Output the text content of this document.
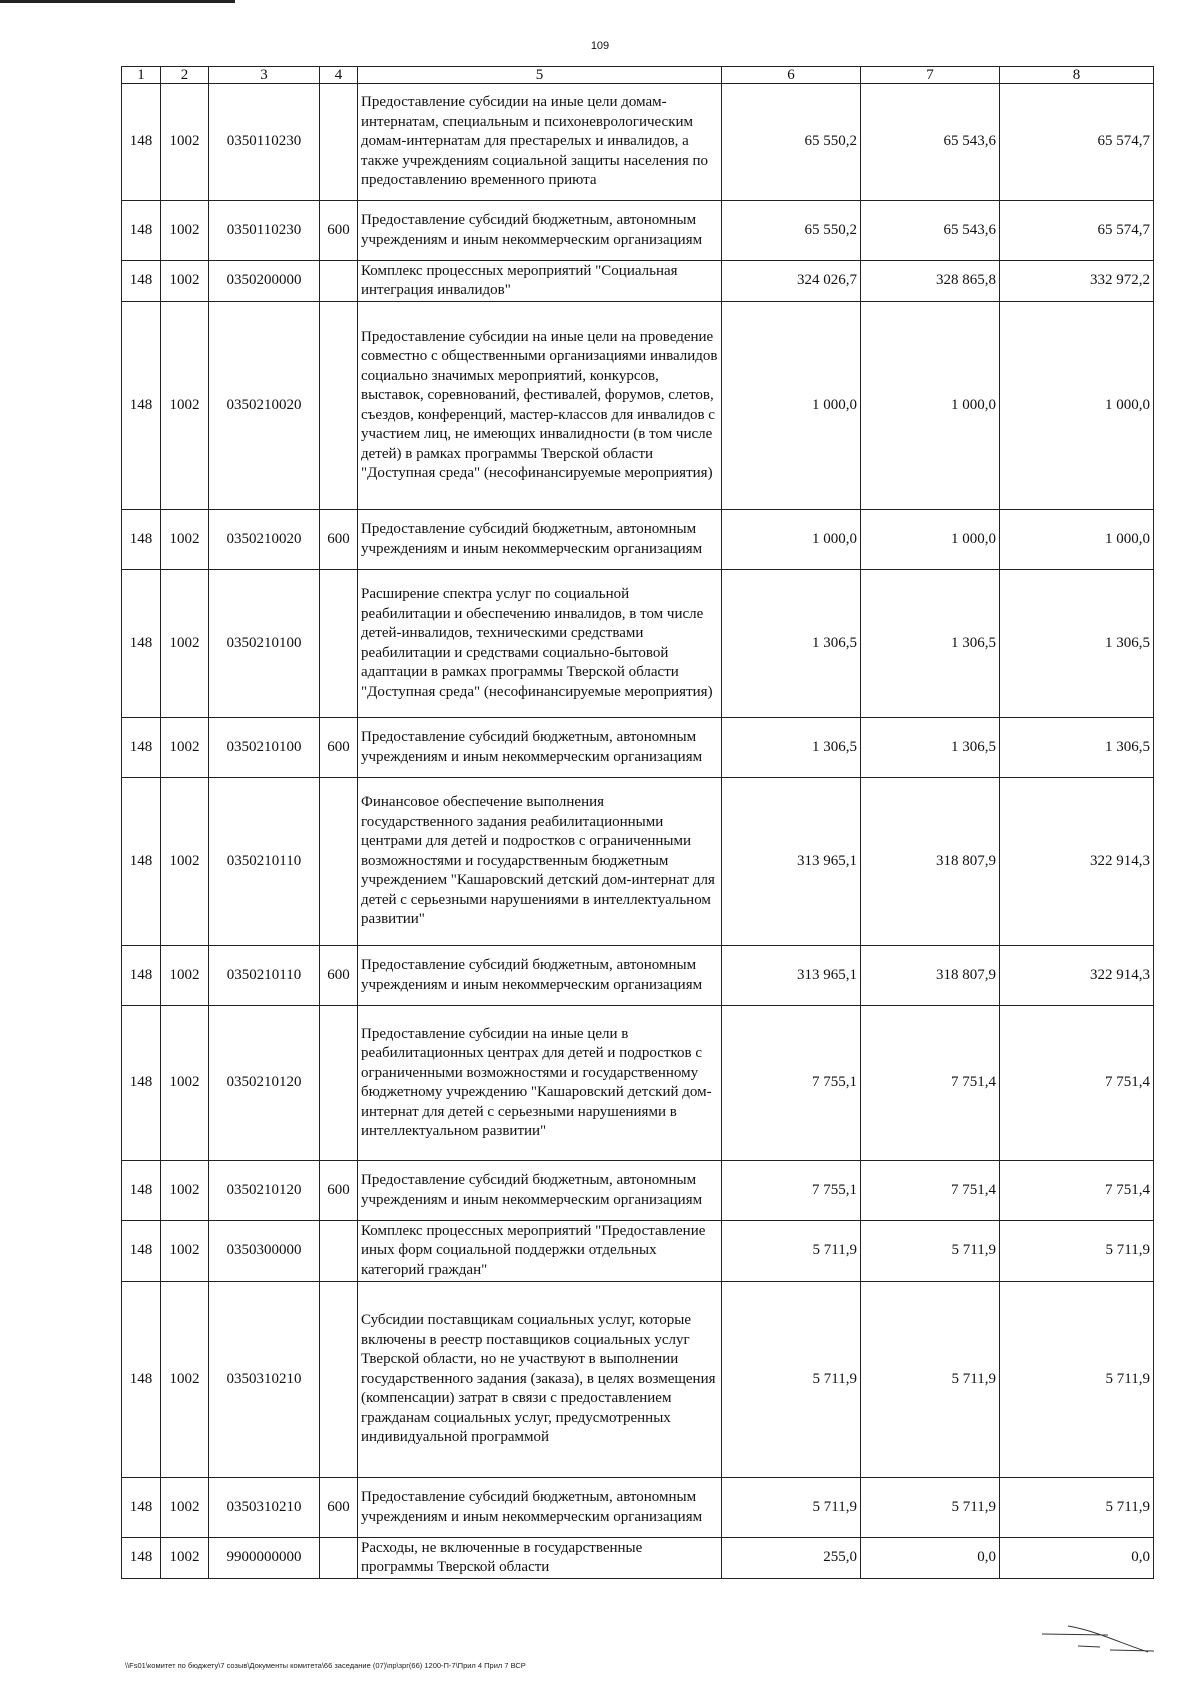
109
1	2	3	4	5	6	7	8
148	1002	0350110230		Предоставление субсидии на иные цели домам-интернатам, специальным и психоневрологическим домам-интернатам для престарелых и инвалидов, а также учреждениям социальной защиты населения по предоставлению временного приюта	65 550,2	65 543,6	65 574,7
148	1002	0350110230	600	Предоставление субсидий бюджетным, автономным учреждениям и иным некоммерческим организациям	65 550,2	65 543,6	65 574,7
148	1002	0350200000		Комплекс процессных мероприятий "Социальная интеграция инвалидов"	324 026,7	328 865,8	332 972,2
148	1002	0350210020		Предоставление субсидии на иные цели на проведение совместно с общественными организациями инвалидов социально значимых мероприятий, конкурсов, выставок, соревнований, фестивалей, форумов, слетов, съездов, конференций, мастер-классов для инвалидов с участием лиц, не имеющих инвалидности (в том числе детей) в рамках программы Тверской области "Доступная среда" (несофинансируемые мероприятия)	1 000,0	1 000,0	1 000,0
148	1002	0350210020	600	Предоставление субсидий бюджетным, автономным учреждениям и иным некоммерческим организациям	1 000,0	1 000,0	1 000,0
148	1002	0350210100		Расширение спектра услуг по социальной реабилитации и обеспечению инвалидов, в том числе детей-инвалидов, техническими средствами реабилитации и средствами социально-бытовой адаптации в рамках программы Тверской области "Доступная среда" (несофинансируемые мероприятия)	1 306,5	1 306,5	1 306,5
148	1002	0350210100	600	Предоставление субсидий бюджетным, автономным учреждениям и иным некоммерческим организациям	1 306,5	1 306,5	1 306,5
148	1002	0350210110		Финансовое обеспечение выполнения государственного задания реабилитационными центрами для детей и подростков с ограниченными возможностями и государственным бюджетным учреждением "Кашаровский детский дом-интернат для детей с серьезными нарушениями в интеллектуальном развитии"	313 965,1	318 807,9	322 914,3
148	1002	0350210110	600	Предоставление субсидий бюджетным, автономным учреждениям и иным некоммерческим организациям	313 965,1	318 807,9	322 914,3
148	1002	0350210120		Предоставление субсидии на иные цели в реабилитационных центрах для детей и подростков с ограниченными возможностями и государственному бюджетному учреждению "Кашаровский детский дом-интернат для детей с серьезными нарушениями в интеллектуальном развитии"	7 755,1	7 751,4	7 751,4
148	1002	0350210120	600	Предоставление субсидий бюджетным, автономным учреждениям и иным некоммерческим организациям	7 755,1	7 751,4	7 751,4
148	1002	0350300000		Комплекс процессных мероприятий "Предоставление иных форм социальной поддержки отдельных категорий граждан"	5 711,9	5 711,9	5 711,9
148	1002	0350310210		Субсидии поставщикам социальных услуг, которые включены в реестр поставщиков социальных услуг Тверской области, но не участвуют в выполнении государственного задания (заказа), в целях возмещения (компенсации) затрат в связи с предоставлением гражданам социальных услуг, предусмотренных индивидуальной программой	5 711,9	5 711,9	5 711,9
148	1002	0350310210	600	Предоставление субсидий бюджетным, автономным учреждениям и иным некоммерческим организациям	5 711,9	5 711,9	5 711,9
148	1002	9900000000		Расходы, не включенные в государственные программы Тверской области	255,0	0,0	0,0
\\Fs01\комитет по бюджету\7 созыв\Документы комитета\66 заседание (07)\пр\зрг(66) 1200-П-7\Прил 4 Прил 7 ВСР
